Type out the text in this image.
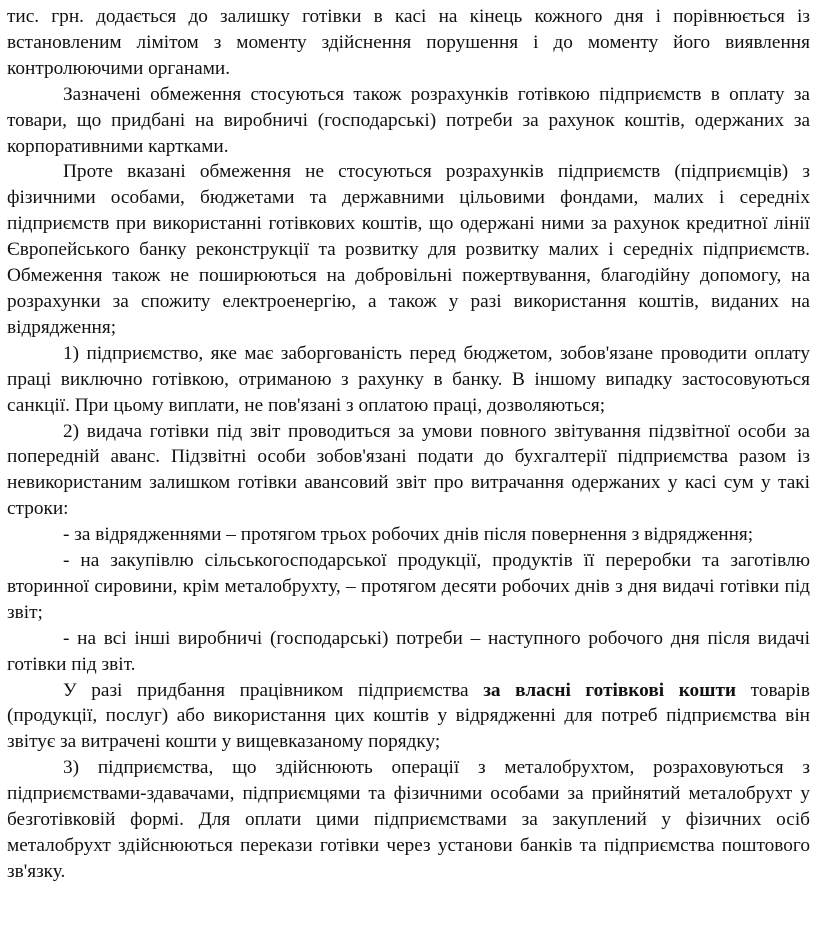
тис. грн. додається до залишку готівки в касі на кінець кожного дня і порівнюється із встановленим лімітом з моменту здійснення порушення і до моменту його виявлення контролюючими органами.

Зазначені обмеження стосуються також розрахунків готівкою підприємств в оплату за товари, що придбані на виробничі (господарські) потреби за рахунок коштів, одержаних за корпоративними картками.

Проте вказані обмеження не стосуються розрахунків підприємств (підприємців) з фізичними особами, бюджетами та державними цільовими фондами, малих і середніх підприємств при використанні готівкових коштів, що одержані ними за рахунок кредитної лінії Європейського банку реконструкції та розвитку для розвитку малих і середніх підприємств. Обмеження також не поширюються на добровільні пожертвування, благодійну допомогу, на розрахунки за спожиту електроенергію, а також у разі використання коштів, виданих на відрядження;

1) підприємство, яке має заборгованість перед бюджетом, зобов'язане проводити оплату праці виключно готівкою, отриманою з рахунку в банку. В іншому випадку застосовуються санкції. При цьому виплати, не пов'язані з оплатою праці, дозволяються;

2) видача готівки під звіт проводиться за умови повного звітування підзвітної особи за попередній аванс. Підзвітні особи зобов'язані подати до бухгалтерії підприємства разом із невикористаним залишком готівки авансовий звіт про витрачання одержаних у касі сум у такі строки:

- за відрядженнями – протягом трьох робочих днів після повернення з відрядження;

- на закупівлю сільськогосподарської продукції, продуктів її переробки та заготівлю вторинної сировини, крім металобрухту, – протягом десяти робочих днів з дня видачі готівки під звіт;

- на всі інші виробничі (господарські) потреби – наступного робочого дня після видачі готівки під звіт.

У разі придбання працівником підприємства за власні готівкові кошти товарів (продукції, послуг) або використання цих коштів у відрядженні для потреб підприємства він звітує за витрачені кошти у вищевказаному порядку;

3) підприємства, що здійснюють операції з металобрухтом, розраховуються з підприємствами-здавачами, підприємцями та фізичними особами за прийнятий металобрухт у безготівковій формі. Для оплати цими підприємствами за закуплений у фізичних осіб металобрухт здійснюються перекази готівки через установи банків та підприємства поштового зв'язку.
